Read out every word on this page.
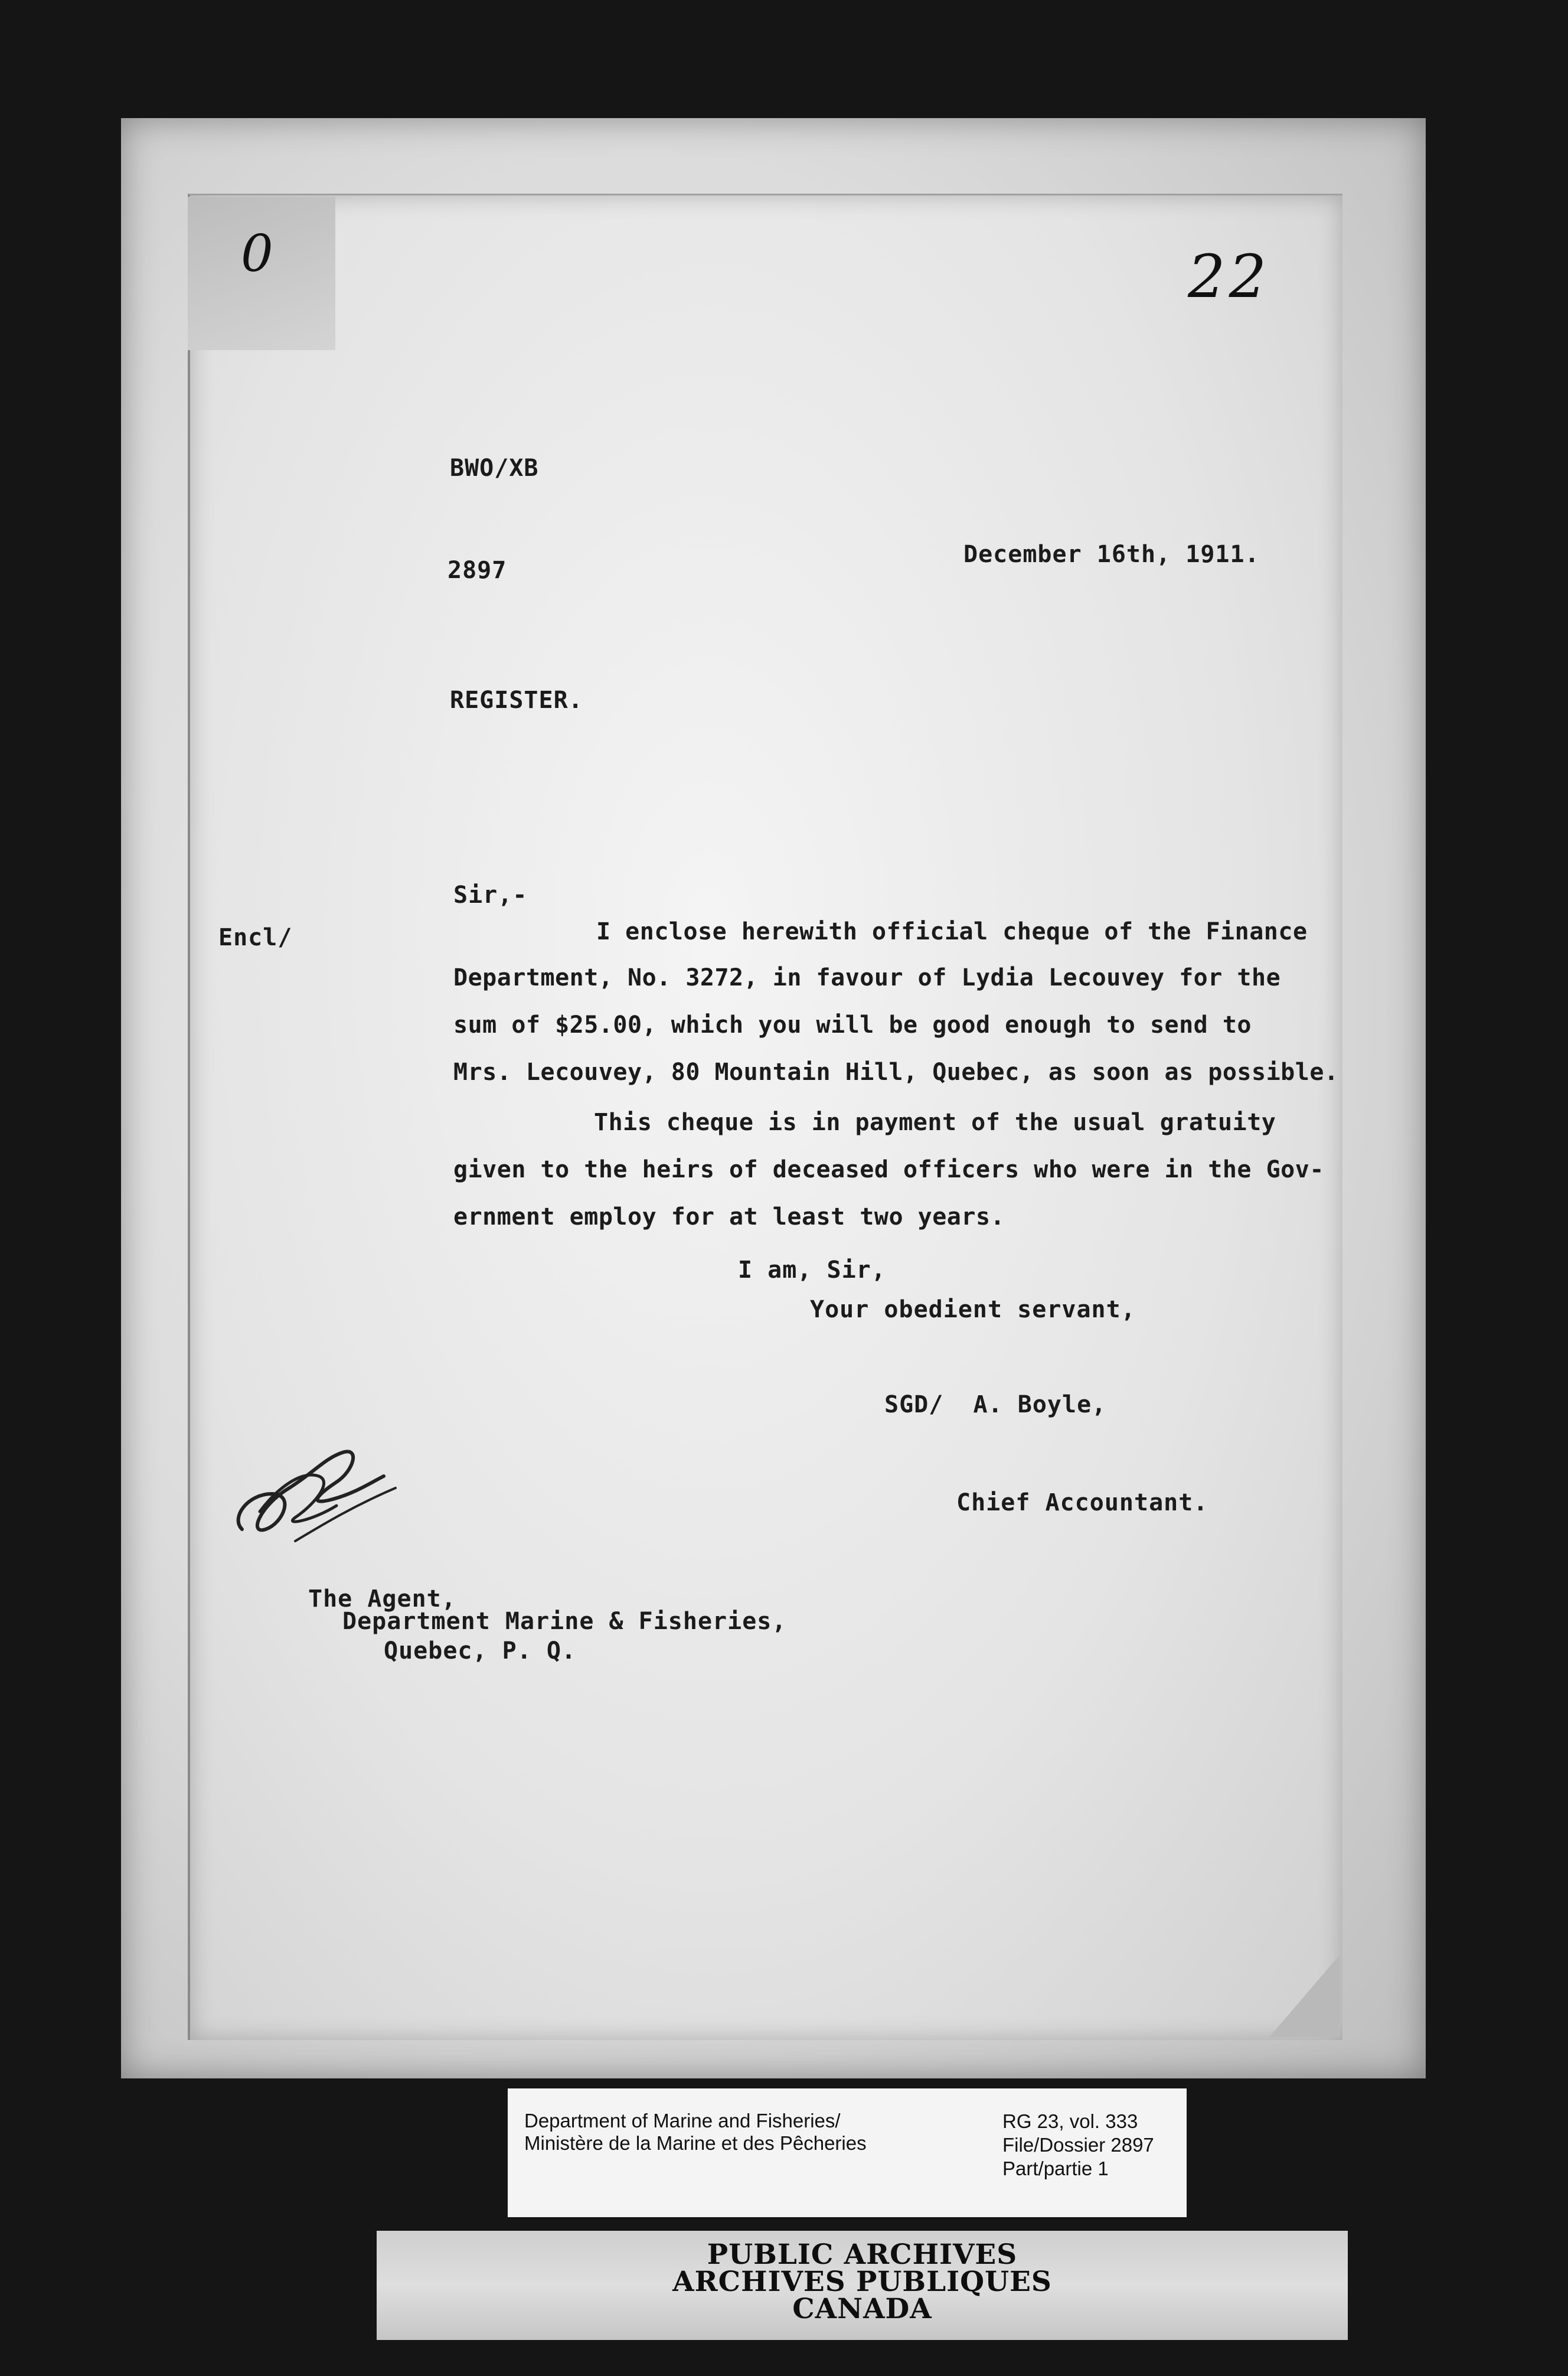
0	22
BWO/XB
2897
December 16th, 1911.
REGISTER.
Encl/
Sir,-
I enclose herewith official cheque of the Finance
Department, No. 3272, in favour of Lydia Lecouvey for the
sum of $25.00, which you will be good enough to send to
Mrs. Lecouvey, 80 Mountain Hill, Quebec, as soon as possible.
This cheque is in payment of the usual gratuity
given to the heirs of deceased officers who were in the Gov-
ernment employ for at least two years.
I am, Sir,
Your obedient servant,
SGD/  A. Boyle,
Chief Accountant.
The Agent,
Department Marine & Fisheries,
Quebec, P. Q.
Department of Marine and Fisheries/
Ministère de la Marine et des Pêcheries
RG 23, vol. 333
File/Dossier 2897
Part/partie 1
PUBLIC ARCHIVES
ARCHIVES PUBLIQUES
CANADA
